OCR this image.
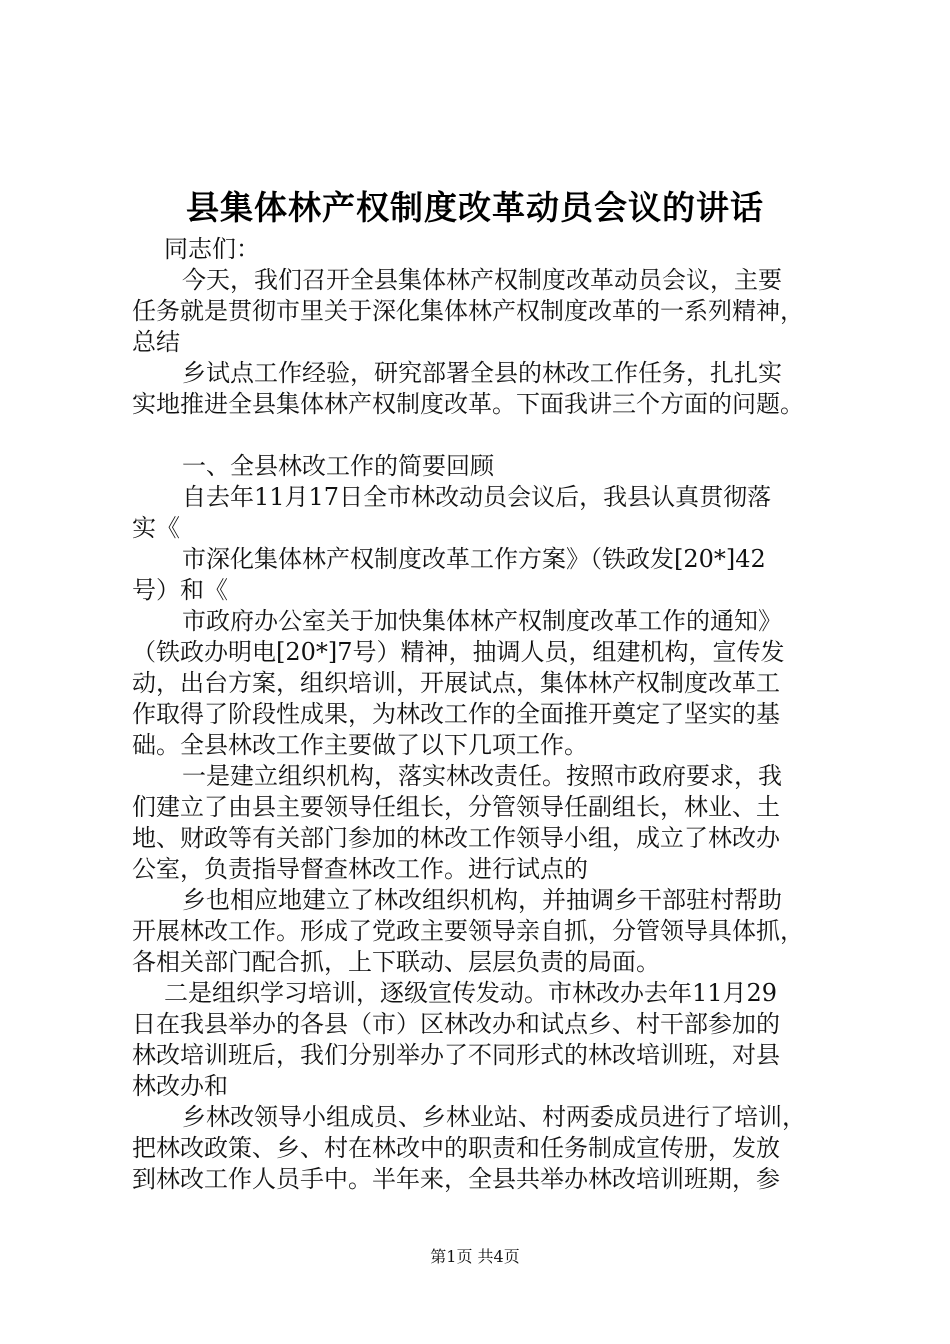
县集体林产权制度改革动员会议的讲话
同志们：
今天，我们召开全县集体林产权制度改革动员会议，主要
任务就是贯彻市里关于深化集体林产权制度改革的一系列精神，
总结
乡试点工作经验，研究部署全县的林改工作任务，扎扎实
实地推进全县集体林产权制度改革。下面我讲三个方面的问题。
一、全县林改工作的简要回顾
自去年11月17日全市林改动员会议后，我县认真贯彻落
实《
市深化集体林产权制度改革工作方案》（铁政发[20*]42
号）和《
市政府办公室关于加快集体林产权制度改革工作的通知》
（铁政办明电[20*]7号）精神，抽调人员，组建机构，宣传发
动，出台方案，组织培训，开展试点，集体林产权制度改革工
作取得了阶段性成果，为林改工作的全面推开奠定了坚实的基
础。全县林改工作主要做了以下几项工作。
一是建立组织机构，落实林改责任。按照市政府要求，我
们建立了由县主要领导任组长，分管领导任副组长，林业、土
地、财政等有关部门参加的林改工作领导小组，成立了林改办
公室，负责指导督查林改工作。进行试点的
乡也相应地建立了林改组织机构，并抽调乡干部驻村帮助
开展林改工作。形成了党政主要领导亲自抓，分管领导具体抓，
各相关部门配合抓，上下联动、层层负责的局面。
二是组织学习培训，逐级宣传发动。市林改办去年11月29
日在我县举办的各县（市）区林改办和试点乡、村干部参加的
林改培训班后，我们分别举办了不同形式的林改培训班，对县
林改办和
乡林改领导小组成员、乡林业站、村两委成员进行了培训，
把林改政策、乡、村在林改中的职责和任务制成宣传册，发放
到林改工作人员手中。半年来，全县共举办林改培训班期，参
第1页 共4页
